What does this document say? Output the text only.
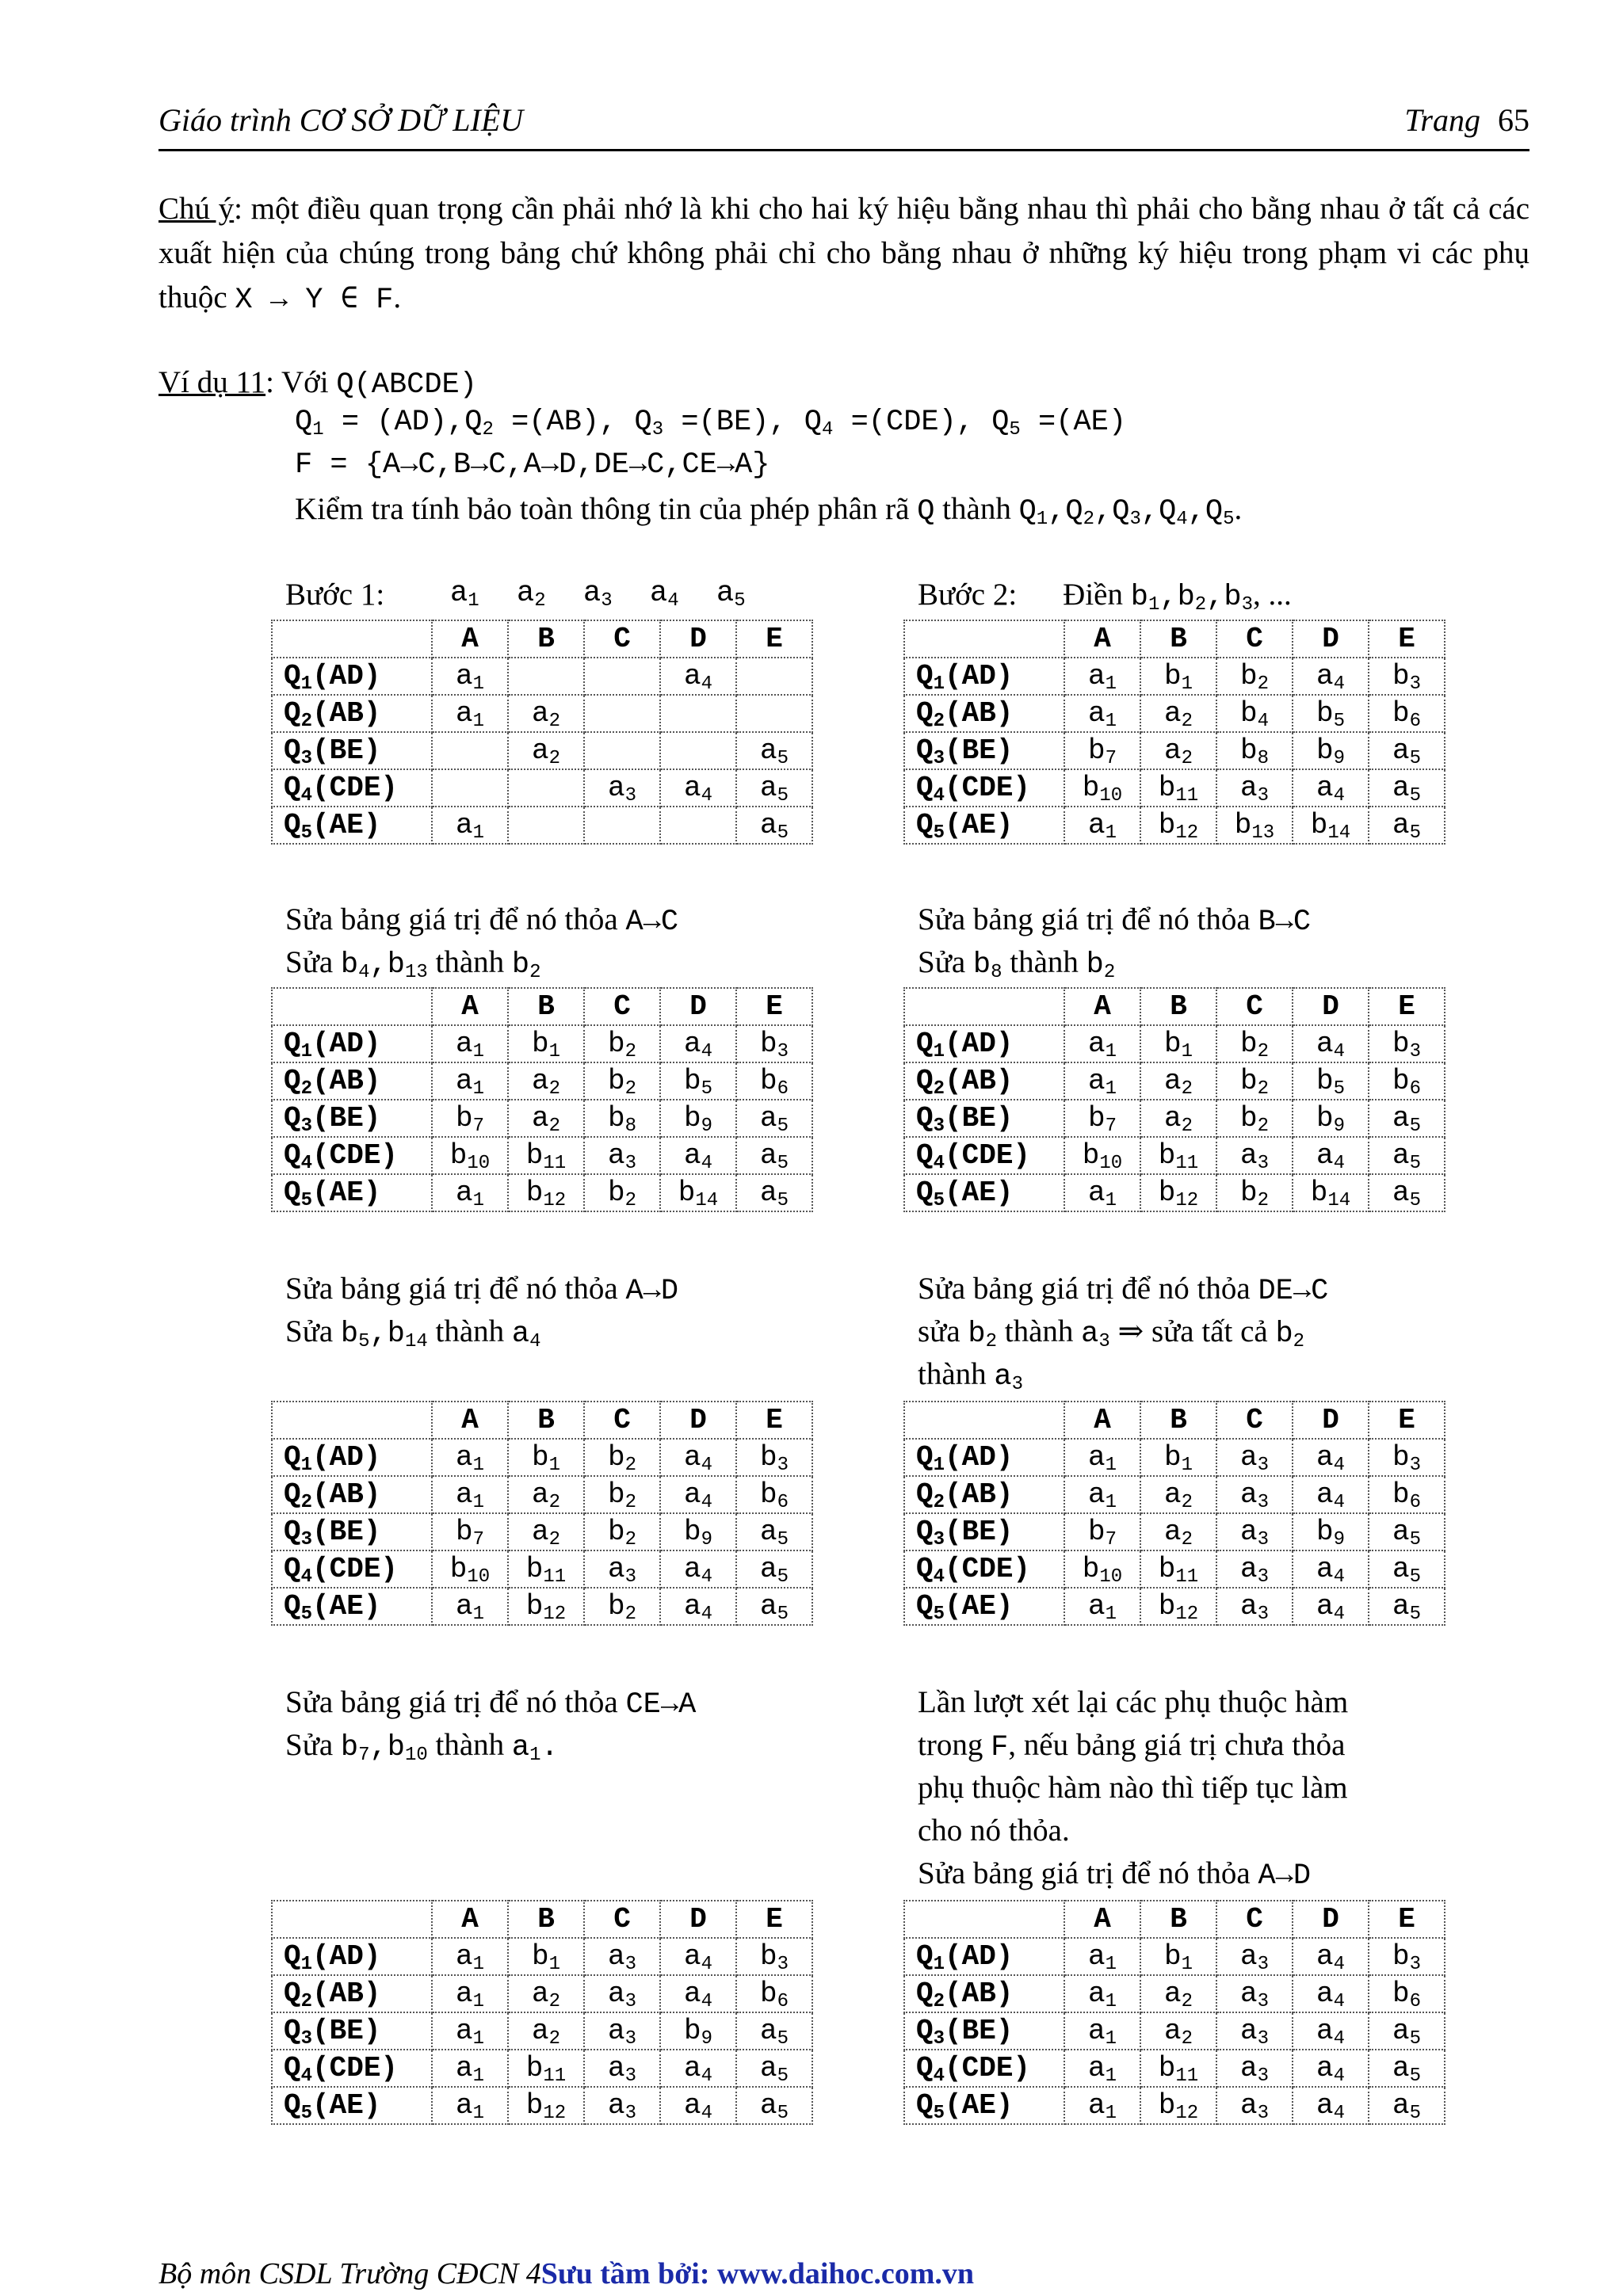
Giáo trình CƠ SỞ DỮ LIỆU	Trang 65
Chú ý: một điều quan trọng cần phải nhớ là khi cho hai ký hiệu bằng nhau thì phải cho bằng nhau ở tất cả các xuất hiện của chúng trong bảng chứ không phải chỉ cho bằng nhau ở những ký hiệu trong phạm vi các phụ thuộc X → Y ∈ F.
Ví dụ 11: Với Q(ABCDE)
$Q_1 = (AD),Q_2 =(AB)$, $Q_3 =(BE)$, $Q_4 =(CDE)$, $Q_5 =(AE)$
F = {A→C,B→C,A→D,DE→C,CE→A}
Kiểm tra tính bảo toàn thông tin của phép phân rã Q thành $Q_1,Q_2,Q_3,Q_4,Q_5$.
Bước 1: $a_1$ $a_2$ $a_3$ $a_4$ $a_5$	Bước 2: Điền $b_1,b_2,b_3$, ...
Sửa bảng giá trị để nó thỏa A→C
Sửa $b_4,b_{13}$ thành $b_2$
Sửa bảng giá trị để nó thỏa B→C
Sửa $b_8$ thành $b_2$
Sửa bảng giá trị để nó thỏa A→D
Sửa $b_5,b_{14}$ thành $a_4$
Sửa bảng giá trị để nó thỏa DE→C
sửa $b_2$ thành $a_3$ ⇒ sửa tất cả $b_2$
thành $a_3$
Sửa bảng giá trị để nó thỏa CE→A
Sửa $b_7,b_{10}$ thành $a_1$.
Lần lượt xét lại các phụ thuộc hàm
trong F, nếu bảng giá trị chưa thỏa
phụ thuộc hàm nào thì tiếp tục làm
cho nó thỏa.
Sửa bảng giá trị để nó thỏa A→D
	A	B	C	D	E
$Q_1(AD)$	$a_1$			$a_4$	
$Q_2(AB)$	$a_1$	$a_2$			
$Q_3(BE)$		$a_2$			$a_5$
$Q_4(CDE)$			$a_3$	$a_4$	$a_5$
$Q_5(AE)$	$a_1$				$a_5$
	A	B	C	D	E
$Q_1(AD)$	$a_1$	$b_1$	$b_2$	$a_4$	$b_3$
$Q_2(AB)$	$a_1$	$a_2$	$b_4$	$b_5$	$b_6$
$Q_3(BE)$	$b_7$	$a_2$	$b_8$	$b_9$	$a_5$
$Q_4(CDE)$	$b_{10}$	$b_{11}$	$a_3$	$a_4$	$a_5$
$Q_5(AE)$	$a_1$	$b_{12}$	$b_{13}$	$b_{14}$	$a_5$
	A	B	C	D	E
$Q_1(AD)$	$a_1$	$b_1$	$b_2$	$a_4$	$b_3$
$Q_2(AB)$	$a_1$	$a_2$	$b_2$	$b_5$	$b_6$
$Q_3(BE)$	$b_7$	$a_2$	$b_8$	$b_9$	$a_5$
$Q_4(CDE)$	$b_{10}$	$b_{11}$	$a_3$	$a_4$	$a_5$
$Q_5(AE)$	$a_1$	$b_{12}$	$b_2$	$b_{14}$	$a_5$
	A	B	C	D	E
$Q_1(AD)$	$a_1$	$b_1$	$b_2$	$a_4$	$b_3$
$Q_2(AB)$	$a_1$	$a_2$	$b_2$	$b_5$	$b_6$
$Q_3(BE)$	$b_7$	$a_2$	$b_2$	$b_9$	$a_5$
$Q_4(CDE)$	$b_{10}$	$b_{11}$	$a_3$	$a_4$	$a_5$
$Q_5(AE)$	$a_1$	$b_{12}$	$b_2$	$b_{14}$	$a_5$
	A	B	C	D	E
$Q_1(AD)$	$a_1$	$b_1$	$b_2$	$a_4$	$b_3$
$Q_2(AB)$	$a_1$	$a_2$	$b_2$	$a_4$	$b_6$
$Q_3(BE)$	$b_7$	$a_2$	$b_2$	$b_9$	$a_5$
$Q_4(CDE)$	$b_{10}$	$b_{11}$	$a_3$	$a_4$	$a_5$
$Q_5(AE)$	$a_1$	$b_{12}$	$b_2$	$a_4$	$a_5$
	A	B	C	D	E
$Q_1(AD)$	$a_1$	$b_1$	$a_3$	$a_4$	$b_3$
$Q_2(AB)$	$a_1$	$a_2$	$a_3$	$a_4$	$b_6$
$Q_3(BE)$	$b_7$	$a_2$	$a_3$	$b_9$	$a_5$
$Q_4(CDE)$	$b_{10}$	$b_{11}$	$a_3$	$a_4$	$a_5$
$Q_5(AE)$	$a_1$	$b_{12}$	$a_3$	$a_4$	$a_5$
	A	B	C	D	E
$Q_1(AD)$	$a_1$	$b_1$	$a_3$	$a_4$	$b_3$
$Q_2(AB)$	$a_1$	$a_2$	$a_3$	$a_4$	$b_6$
$Q_3(BE)$	$a_1$	$a_2$	$a_3$	$b_9$	$a_5$
$Q_4(CDE)$	$a_1$	$b_{11}$	$a_3$	$a_4$	$a_5$
$Q_5(AE)$	$a_1$	$b_{12}$	$a_3$	$a_4$	$a_5$
	A	B	C	D	E
$Q_1(AD)$	$a_1$	$b_1$	$a_3$	$a_4$	$b_3$
$Q_2(AB)$	$a_1$	$a_2$	$a_3$	$a_4$	$b_6$
$Q_3(BE)$	$a_1$	$a_2$	$a_3$	$a_4$	$a_5$
$Q_4(CDE)$	$a_1$	$b_{11}$	$a_3$	$a_4$	$a_5$
$Q_5(AE)$	$a_1$	$b_{12}$	$a_3$	$a_4$	$a_5$
Bộ môn CSDL Trường CĐCN 4Sưu tầm bởi: www.daihoc.com.vn
